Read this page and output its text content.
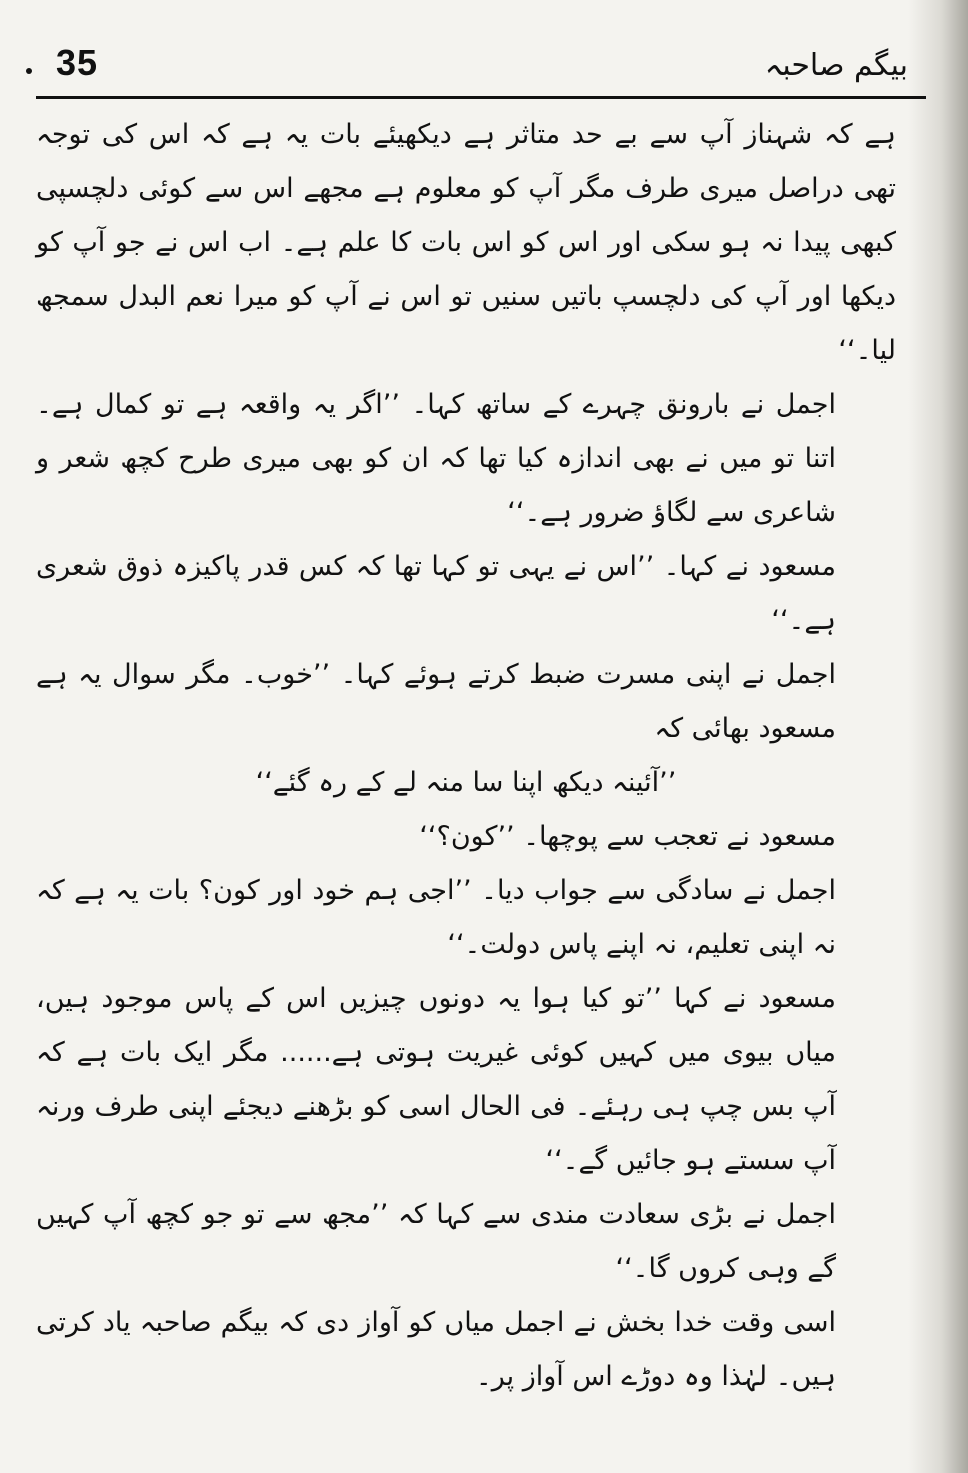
35	بیگم صاحبہ

ہے کہ شہناز آپ سے بے حد متاثر ہے دیکھیئے بات یہ ہے کہ اس کی توجہ تھی دراصل میری طرف مگر آپ کو معلوم ہے مجھے اس سے کوئی دلچسپی کبھی پیدا نہ ہو سکی اور اس کو اس بات کا علم ہے۔ اب اس نے جو آپ کو دیکھا اور آپ کی دلچسپ باتیں سنیں تو اس نے آپ کو میرا نعم البدل سمجھ لیا۔‘‘

اجمل نے بارونق چہرے کے ساتھ کہا۔ ’’اگر یہ واقعہ ہے تو کمال ہے۔ اتنا تو میں نے بھی اندازہ کیا تھا کہ ان کو بھی میری طرح کچھ شعر و شاعری سے لگاؤ ضرور ہے۔‘‘

مسعود نے کہا۔ ’’اس نے یہی تو کہا تھا کہ کس قدر پاکیزہ ذوق شعری ہے۔‘‘

اجمل نے اپنی مسرت ضبط کرتے ہوئے کہا۔ ’’خوب۔ مگر سوال یہ ہے مسعود بھائی کہ

’’آئینہ دیکھ اپنا سا منہ لے کے رہ گئے‘‘

مسعود نے تعجب سے پوچھا۔ ’’کون؟‘‘

اجمل نے سادگی سے جواب دیا۔ ’’اجی ہم خود اور کون؟ بات یہ ہے کہ نہ اپنی تعلیم، نہ اپنے پاس دولت۔‘‘

مسعود نے کہا ’’تو کیا ہوا یہ دونوں چیزیں اس کے پاس موجود ہیں، میاں بیوی میں کہیں کوئی غیریت ہوتی ہے...... مگر ایک بات ہے کہ آپ بس چپ ہی رہئے۔ فی الحال اسی کو بڑھنے دیجئے اپنی طرف ورنہ آپ سستے ہو جائیں گے۔‘‘

اجمل نے بڑی سعادت مندی سے کہا کہ ’’مجھ سے تو جو کچھ آپ کہیں گے وہی کروں گا۔‘‘

اسی وقت خدا بخش نے اجمل میاں کو آواز دی کہ بیگم صاحبہ یاد کرتی ہیں۔ لہٰذا وہ دوڑے اس آواز پر۔
